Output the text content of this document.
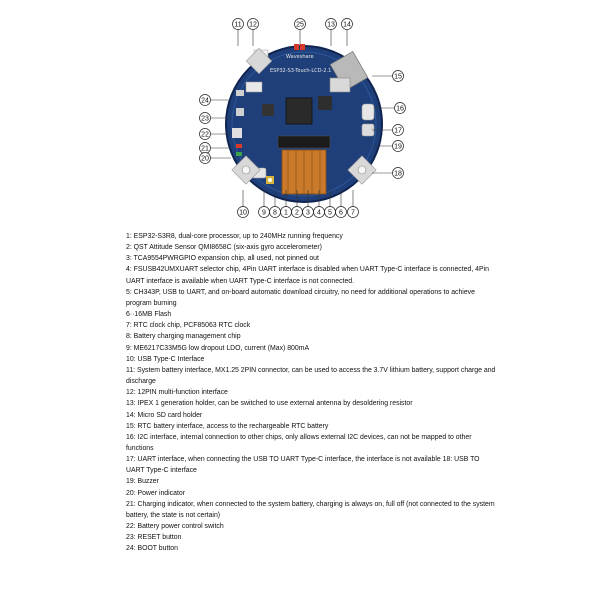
Waveshare
ESP32-S3-Touch-LCD-2.1
11 12	25	13 14
15
16
17
19
18
24
23
22
21
20
10 9 8 1 2 3 4 5 6 7
1: ESP32-S3R8, dual-core processor, up to 240MHz running frequency
2: QST Attitude Sensor QMI8658C (six-axis gyro accelerometer)
3: TCA9554PWRGPIO expansion chip, all used, not pinned out
4: FSUSB42UMXUART selector chip, 4Pin UART interface is disabled when UART Type-C interface is connected, 4Pin UART interface is available when UART Type-C interface is not connected.
5: CH343P, USB to UART, and on-board automatic download circuitry, no need for additional operations to achieve program burning
6··16MB Flash
7: RTC clock chip, PCF85063 RTC clock
8: Battery charging management chip
9: ME6217C33M5G low dropout LDO, current (Max) 800mA
10: USB Type-C Interface
11: System battery interface, MX1.25 2PIN connector, can be used to access the 3.7V lithium battery, support charge and discharge
12: 12PIN multi-function interface
13: IPEX 1 generation holder, can be switched to use external antenna by desoldering resistor
14: Micro SD card holder
15: RTC battery interface, access to the rechargeable RTC battery
16: I2C interface, internal connection to other chips, only allows external I2C devices, can not be mapped to other functions
17: UART interface, when connecting the USB TO UART Type-C interface, the interface is not available 18: USB TO UART Type-C interface
19: Buzzer
20: Power indicator
21: Charging indicator, when connected to the system battery, charging is always on, full off (not connected to the system battery, the state is not certain)
22: Battery power control switch
23: RESET button
24: BOOT button
